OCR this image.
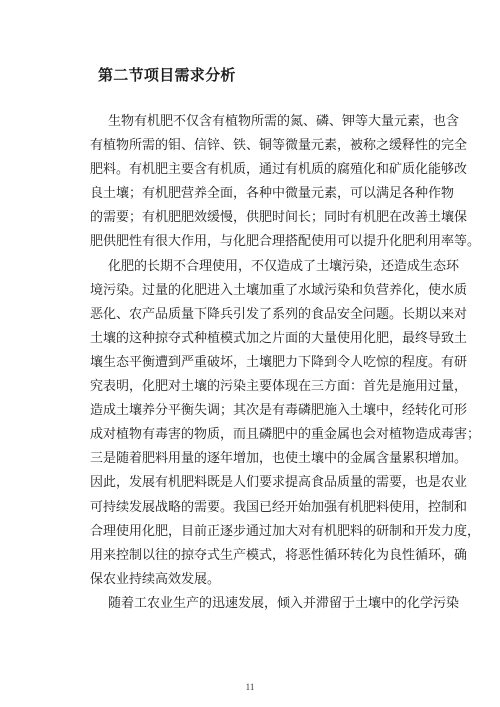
第二节项目需求分析
生物有机肥不仅含有植物所需的氮、磷、钾等大量元素，也含
有植物所需的钼、信锌、铁、铜等微量元素，被称之缓释性的完全
肥料。有机肥主要含有机质，通过有机质的腐殖化和矿质化能够改
良土壤；有机肥营养全面，各种中微量元素，可以满足各种作物
的需要；有机肥肥效缓慢，供肥时间长；同时有机肥在改善土壤保
肥供肥性有很大作用，与化肥合理搭配使用可以提升化肥利用率等。
化肥的长期不合理使用，不仅造成了土壤污染，还造成生态环
境污染。过量的化肥进入土壤加重了水域污染和负营养化，使水质
恶化、农产品质量下降兵引发了系列的食品安全问题。长期以来对
土壤的这种掠夺式种植模式加之片面的大量使用化肥，最终导致土
壤生态平衡遭到严重破坏，土壤肥力下降到令人吃惊的程度。有研
究表明，化肥对土壤的污染主要体现在三方面：首先是施用过量，
造成土壤养分平衡失调；其次是有毒磷肥施入土壤中，经转化可形
成对植物有毒害的物质，而且磷肥中的重金属也会对植物造成毒害；
三是随着肥料用量的逐年增加，也使土壤中的金属含量累积增加。
因此，发展有机肥料既是人们要求提高食品质量的需要，也是农业
可持续发展战略的需要。我国已经开始加强有机肥料使用，控制和
合理使用化肥，目前正逐步通过加大对有机肥料的研制和开发力度，
用来控制以往的掠夺式生产模式，将恶性循环转化为良性循环，确
保农业持续高效发展。
随着工农业生产的迅速发展，倾入并滞留于土壤中的化学污染
11
